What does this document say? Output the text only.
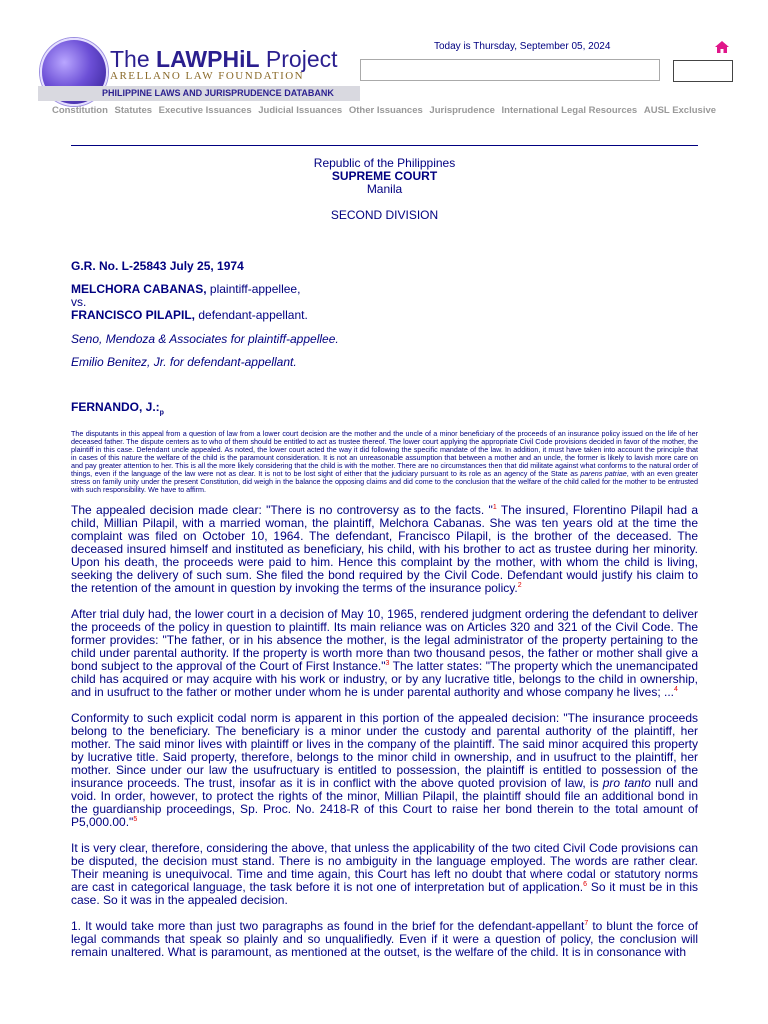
The LAWPHiL Project
ARELLANO LAW FOUNDATION
PHILIPPINE LAWS AND JURISPRUDENCE DATABANK
Today is Thursday, September 05, 2024
Constitution Statutes Executive Issuances Judicial Issuances Other Issuances Jurisprudence International Legal Resources AUSL Exclusive

Republic of the Philippines

SUPREME COURT

Manila

SECOND DIVISION

G.R. No. L-25843 July 25, 1974

MELCHORA CABANAS, plaintiff-appellee,

vs.

FRANCISCO PILAPIL, defendant-appellant.

Seno, Mendoza & Associates for plaintiff-appellee.

Emilio Benitez, Jr. for defendant-appellant.

FERNANDO, $J.:_p$

The disputants in this appeal from a question of law from a lower court decision are the mother and the uncle of a minor beneficiary of the proceeds of an insurance policy issued on the life of her deceased father. The dispute centers as to who of them should be entitled to act as trustee thereof. The lower court applying the appropriate Civil Code provisions decided in favor of the mother, the plaintiff in this case. Defendant uncle appealed. As noted, the lower court acted the way it did following the specific mandate of the law. In addition, it must have taken into account the principle that in cases of this nature the welfare of the child is the paramount consideration. It is not an unreasonable assumption that between a mother and an uncle, the former is likely to lavish more care on and pay greater attention to her. This is all the more likely considering that the child is with the mother. There are no circumstances then that did militate against what conforms to the natural order of things, even if the language of the law were not as clear. It is not to be lost sight of either that the judiciary pursuant to its role as an agency of the State as parens patriae, with an even greater stress on family unity under the present Constitution, did weigh in the balance the opposing claims and did come to the conclusion that the welfare of the child called for the mother to be entrusted with such responsibility. We have to affirm.

The appealed decision made clear: "There is no controversy as to the facts. "$^1$ The insured, Florentino Pilapil had a child, Millian Pilapil, with a married woman, the plaintiff, Melchora Cabanas. She was ten years old at the time the complaint was filed on October 10, 1964. The defendant, Francisco Pilapil, is the brother of the deceased. The deceased insured himself and instituted as beneficiary, his child, with his brother to act as trustee during her minority. Upon his death, the proceeds were paid to him. Hence this complaint by the mother, with whom the child is living, seeking the delivery of such sum. She filed the bond required by the Civil Code. Defendant would justify his claim to the retention of the amount in question by invoking the terms of the insurance policy.$^2$

After trial duly had, the lower court in a decision of May 10, 1965, rendered judgment ordering the defendant to deliver the proceeds of the policy in question to plaintiff. Its main reliance was on Articles 320 and 321 of the Civil Code. The former provides: "The father, or in his absence the mother, is the legal administrator of the property pertaining to the child under parental authority. If the property is worth more than two thousand pesos, the father or mother shall give a bond subject to the approval of the Court of First Instance."$^3$ The latter states: "The property which the unemancipated child has acquired or may acquire with his work or industry, or by any lucrative title, belongs to the child in ownership, and in usufruct to the father or mother under whom he is under parental authority and whose company he lives; ...$^4$

Conformity to such explicit codal norm is apparent in this portion of the appealed decision: "The insurance proceeds belong to the beneficiary. The beneficiary is a minor under the custody and parental authority of the plaintiff, her mother. The said minor lives with plaintiff or lives in the company of the plaintiff. The said minor acquired this property by lucrative title. Said property, therefore, belongs to the minor child in ownership, and in usufruct to the plaintiff, her mother. Since under our law the usufructuary is entitled to possession, the plaintiff is entitled to possession of the insurance proceeds. The trust, insofar as it is in conflict with the above quoted provision of law, is pro tanto null and void. In order, however, to protect the rights of the minor, Millian Pilapil, the plaintiff should file an additional bond in the guardianship proceedings, Sp. Proc. No. 2418-R of this Court to raise her bond therein to the total amount of P5,000.00."$^5$

It is very clear, therefore, considering the above, that unless the applicability of the two cited Civil Code provisions can be disputed, the decision must stand. There is no ambiguity in the language employed. The words are rather clear. Their meaning is unequivocal. Time and time again, this Court has left no doubt that where codal or statutory norms are cast in categorical language, the task before it is not one of interpretation but of application.$^6$ So it must be in this case. So it was in the appealed decision.

1. It would take more than just two paragraphs as found in the brief for the defendant-appellant$^7$ to blunt the force of legal commands that speak so plainly and so unqualifiedly. Even if it were a question of policy, the conclusion will remain unaltered. What is paramount, as mentioned at the outset, is the welfare of the child. It is in consonance with
